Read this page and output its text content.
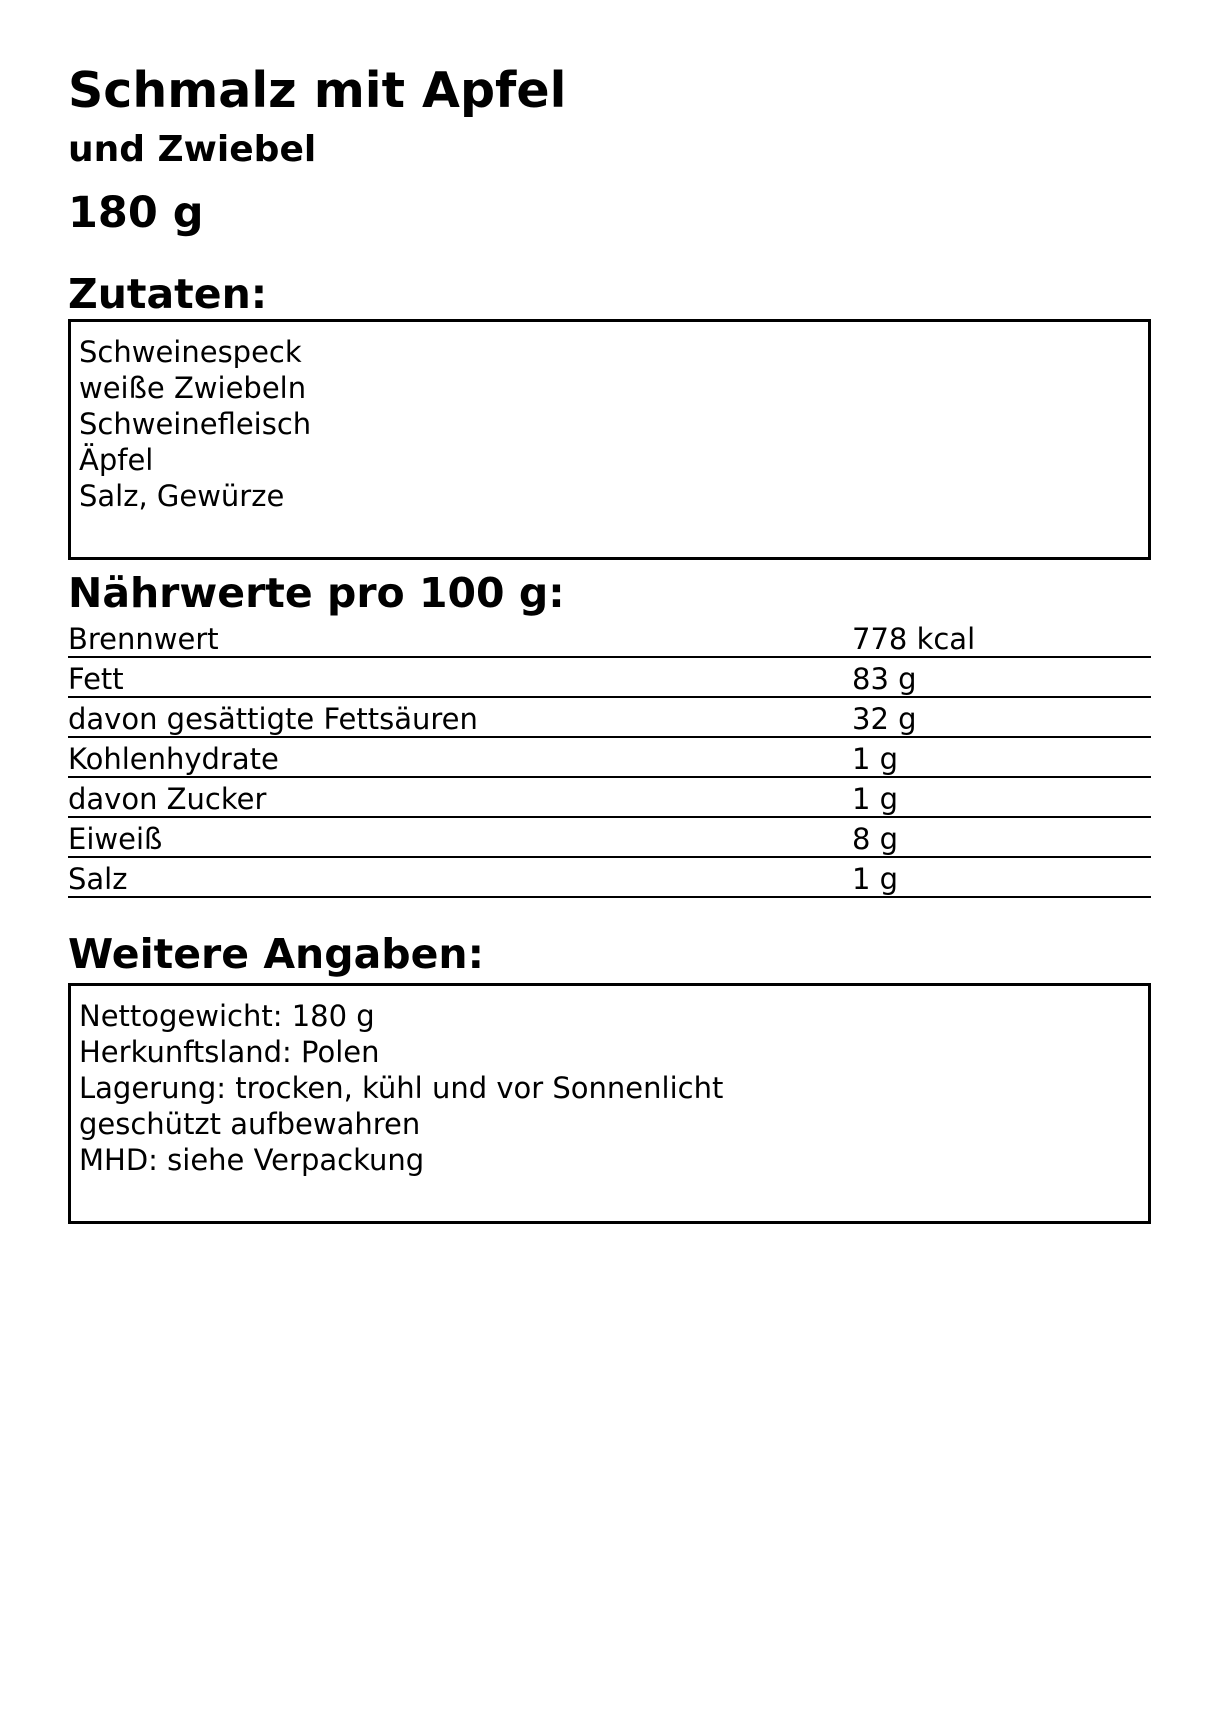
Schmalz mit Apfel
und Zwiebel
180 g
Zutaten:

Schweinespeck

weiße Zwiebeln

Schweinefleisch

Äpfel

Salz, Gewürze

Nährwerte pro 100 g:
Brennwert	778 kcal
Fett	83 g
davon gesättigte Fettsäuren	32 g
Kohlenhydrate	1 g
davon Zucker	1 g
Eiweiß	8 g
Salz	1 g
Weitere Angaben:

Nettogewicht: 180 g

Herkunftsland: Polen

Lagerung: trocken, kühl und vor Sonnenlicht

geschützt aufbewahren

MHD: siehe Verpackung
